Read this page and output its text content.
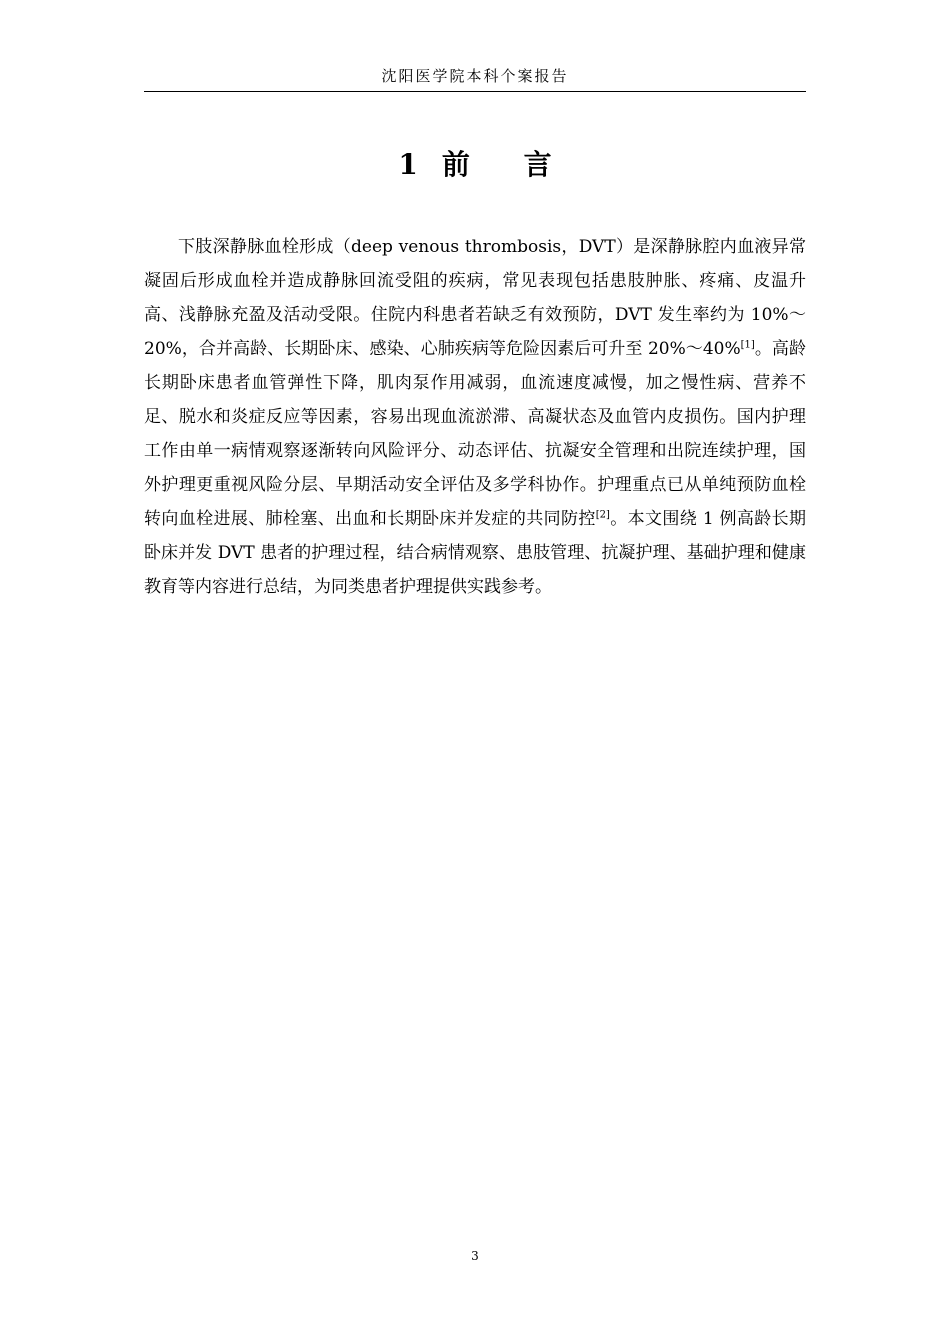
沈阳医学院本科个案报告
1 前 言

下肢深静脉血栓形成（deep venous thrombosis，DVT）是深静脉腔内血液异常凝固后形成血栓并造成静脉回流受阻的疾病，常见表现包括患肢肿胀、疼痛、皮温升高、浅静脉充盈及活动受限。住院内科患者若缺乏有效预防，DVT 发生率约为 10%～20%，合并高龄、长期卧床、感染、心肺疾病等危险因素后可升至 20%～40%[1]。高龄长期卧床患者血管弹性下降，肌肉泵作用减弱，血流速度减慢，加之慢性病、营养不足、脱水和炎症反应等因素，容易出现血流淤滞、高凝状态及血管内皮损伤。国内护理工作由单一病情观察逐渐转向风险评分、动态评估、抗凝安全管理和出院连续护理，国外护理更重视风险分层、早期活动安全评估及多学科协作。护理重点已从单纯预防血栓转向血栓进展、肺栓塞、出血和长期卧床并发症的共同防控[2]。本文围绕 1 例高龄长期卧床并发 DVT 患者的护理过程，结合病情观察、患肢管理、抗凝护理、基础护理和健康教育等内容进行总结，为同类患者护理提供实践参考。

3
